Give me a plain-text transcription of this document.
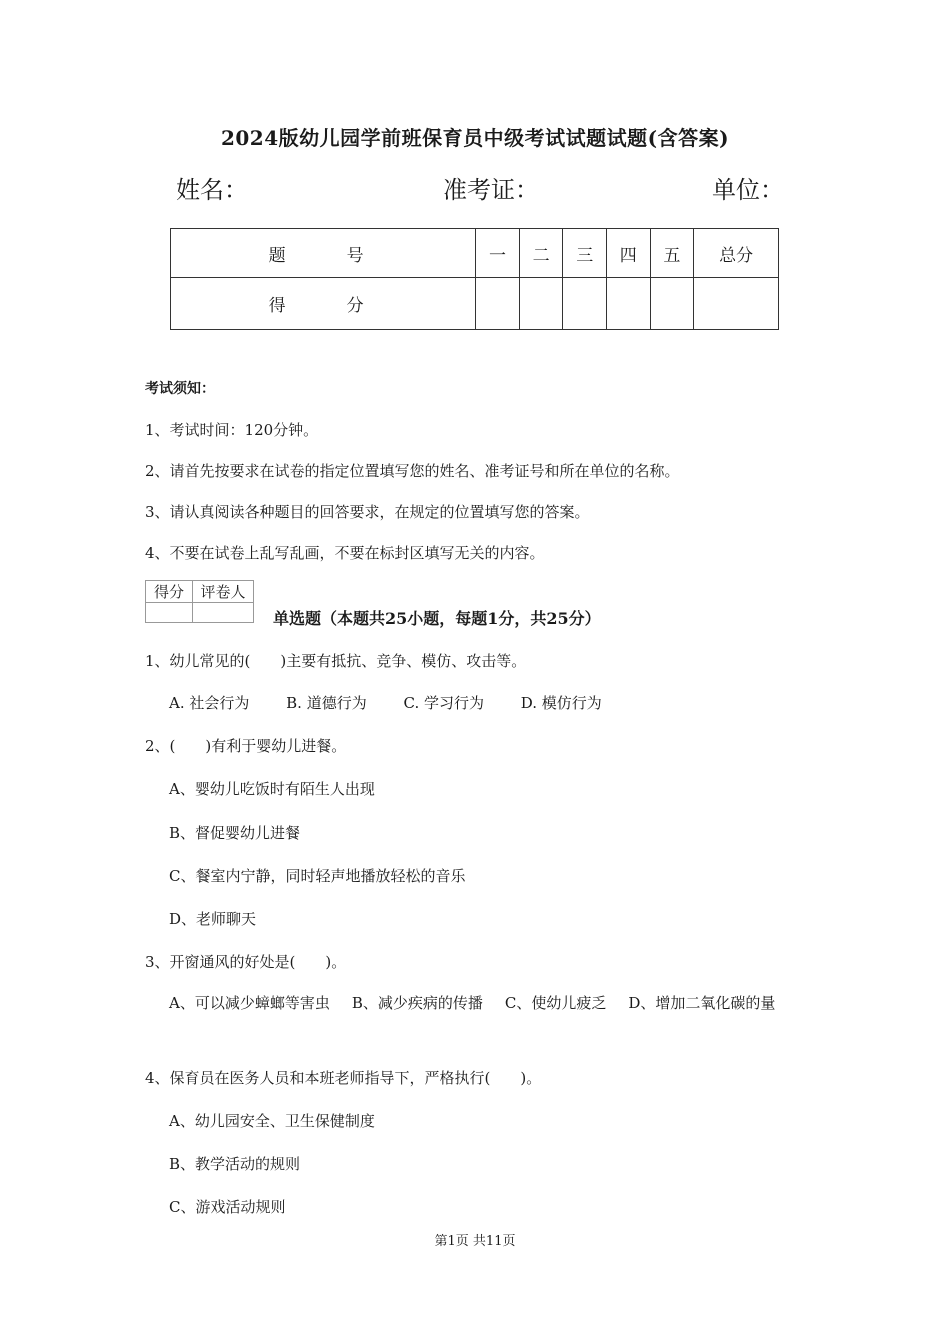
2024版幼儿园学前班保育员中级考试试题试题(含答案)
姓名：	准考证：	单位：
题　号	一	二	三	四	五	总分
得　分						
考试须知：
1、考试时间：120分钟。
2、请首先按要求在试卷的指定位置填写您的姓名、准考证号和所在单位的名称。
3、请认真阅读各种题目的回答要求，在规定的位置填写您的答案。
4、不要在试卷上乱写乱画，不要在标封区填写无关的内容。
得分	评卷人

单选题（本题共25小题，每题1分，共25分）
1、幼儿常见的(　　)主要有抵抗、竞争、模仿、攻击等。
A. 社会行为 B. 道德行为 C. 学习行为 D. 模仿行为
2、(　　)有利于婴幼儿进餐。
A、婴幼儿吃饭时有陌生人出现
B、督促婴幼儿进餐
C、餐室内宁静，同时轻声地播放轻松的音乐
D、老师聊天
3、开窗通风的好处是(　　)。
A、可以减少蟑螂等害虫 B、减少疾病的传播 C、使幼儿疲乏 D、增加二氧化碳的量
4、保育员在医务人员和本班老师指导下，严格执行(　　)。
A、幼儿园安全、卫生保健制度
B、教学活动的规则
C、游戏活动规则
第1页 共11页
